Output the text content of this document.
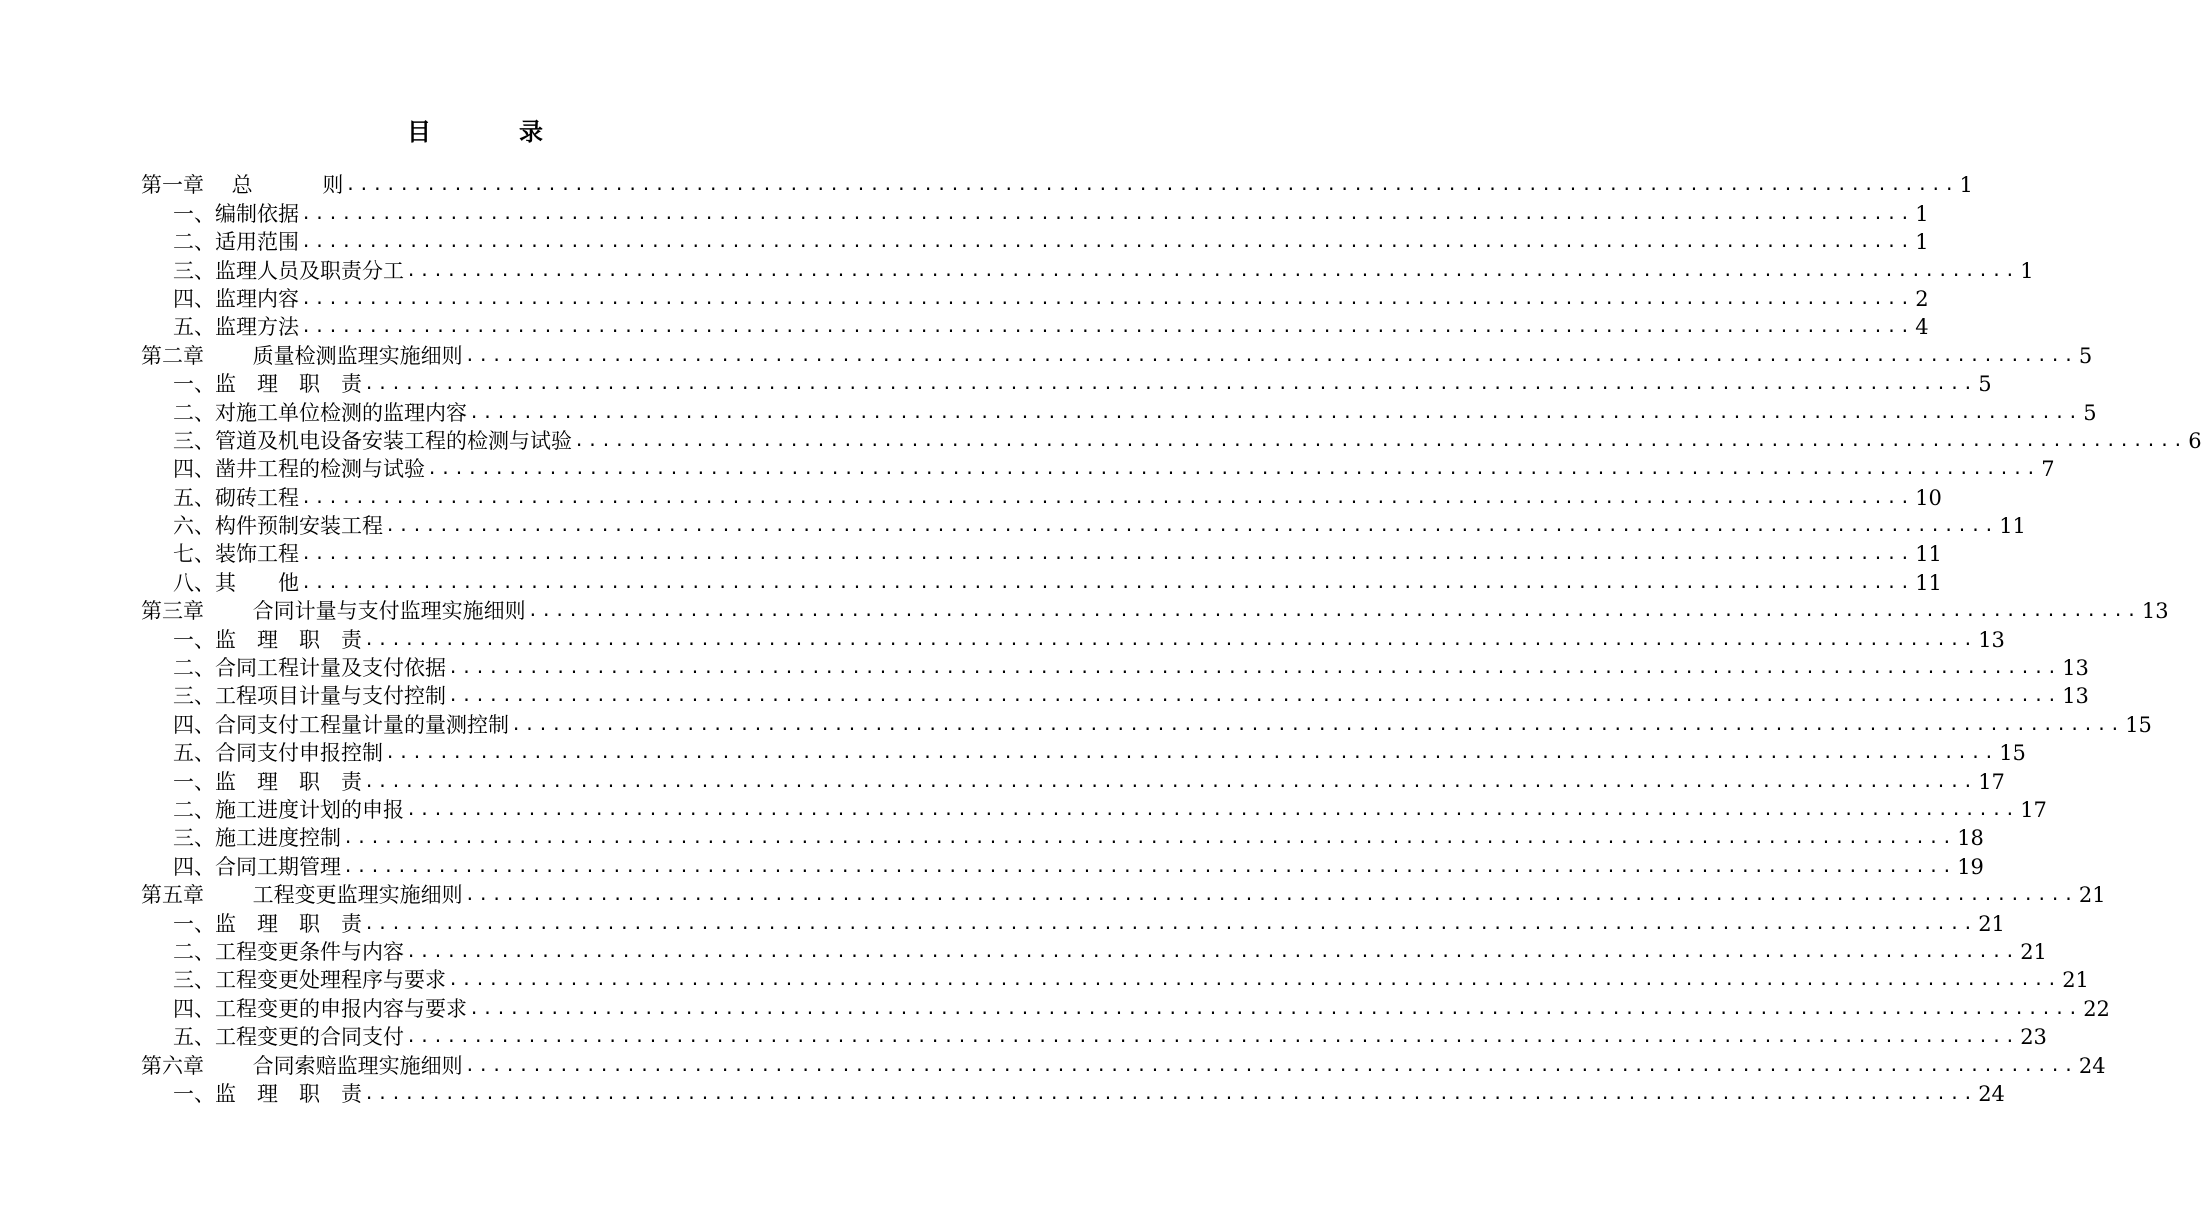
目	录
第一章　 总　　 　则 ........................................................................................................................ 1
一、编制依据 ........................................................................................................................ 1
二、适用范围 ........................................................................................................................ 1
三、监理人员及职责分工 ........................................................................................................................ 1
四、监理内容 ........................................................................................................................ 2
五、监理方法 ........................................................................................................................ 4
第二章　　 质量检测监理实施细则 ........................................................................................................................ 5
一、监　理　职　责 ........................................................................................................................ 5
二、对施工单位检测的监理内容 ........................................................................................................................ 5
三、管道及机电设备安装工程的检测与试验 ........................................................................................................................ 6
四、凿井工程的检测与试验 ........................................................................................................................ 7
五、砌砖工程 ........................................................................................................................ 10
六、构件预制安装工程 ........................................................................................................................ 11
七、装饰工程 ........................................................................................................................ 11
八、其　　他 ........................................................................................................................ 11
第三章　　 合同计量与支付监理实施细则 ........................................................................................................................ 13
一、监　理　职　责 ........................................................................................................................ 13
二、合同工程计量及支付依据 ........................................................................................................................ 13
三、工程项目计量与支付控制 ........................................................................................................................ 13
四、合同支付工程量计量的量测控制 ........................................................................................................................ 15
五、合同支付申报控制 ........................................................................................................................ 15
一、监　理　职　责 ........................................................................................................................ 17
二、施工进度计划的申报 ........................................................................................................................ 17
三、施工进度控制 ........................................................................................................................ 18
四、合同工期管理 ........................................................................................................................ 19
第五章　　 工程变更监理实施细则 ........................................................................................................................ 21
一、监　理　职　责 ........................................................................................................................ 21
二、工程变更条件与内容 ........................................................................................................................ 21
三、工程变更处理程序与要求 ........................................................................................................................ 21
四、工程变更的申报内容与要求 ........................................................................................................................ 22
五、工程变更的合同支付 ........................................................................................................................ 23
第六章　　 合同索赔监理实施细则 ........................................................................................................................ 24
一、监　理　职　责 ........................................................................................................................ 24
